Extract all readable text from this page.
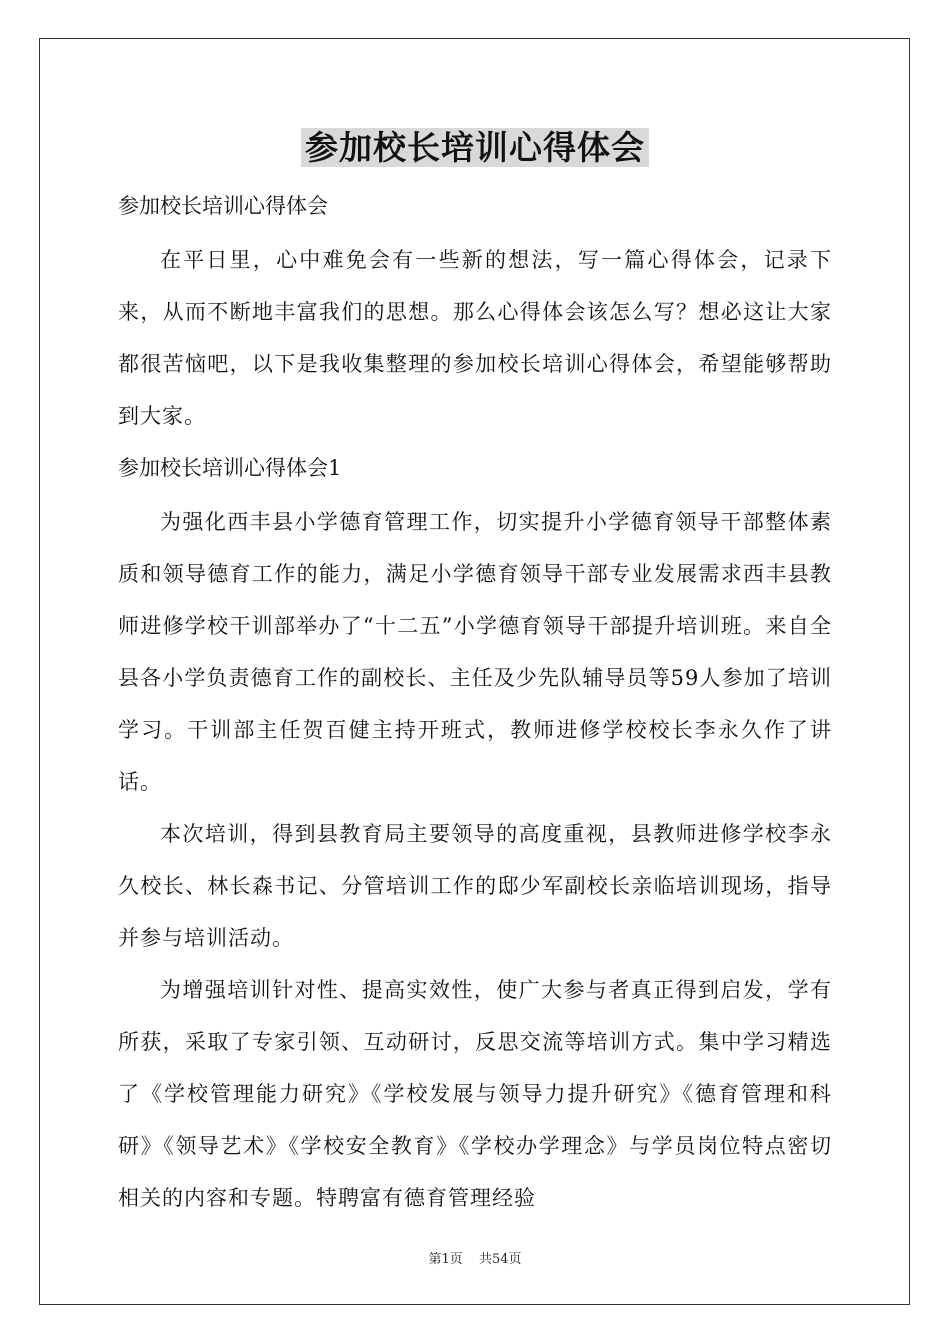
参加校长培训心得体会

参加校长培训心得体会

在平日里，心中难免会有一些新的想法，写一篇心得体会，记录下来，从而不断地丰富我们的思想。那么心得体会该怎么写？想必这让大家都很苦恼吧，以下是我收集整理的参加校长培训心得体会，希望能够帮助到大家。

参加校长培训心得体会1

为强化西丰县小学德育管理工作，切实提升小学德育领导干部整体素质和领导德育工作的能力，满足小学德育领导干部专业发展需求西丰县教师进修学校干训部举办了“十二五”小学德育领导干部提升培训班。来自全县各小学负责德育工作的副校长、主任及少先队辅导员等59人参加了培训学习。干训部主任贺百健主持开班式，教师进修学校校长李永久作了讲话。

本次培训，得到县教育局主要领导的高度重视，县教师进修学校李永久校长、林长森书记、分管培训工作的邸少军副校长亲临培训现场，指导并参与培训活动。

为增强培训针对性、提高实效性，使广大参与者真正得到启发，学有所获，采取了专家引领、互动研讨，反思交流等培训方式。集中学习精选了《学校管理能力研究》《学校发展与领导力提升研究》《德育管理和科研》《领导艺术》《学校安全教育》《学校办学理念》与学员岗位特点密切相关的内容和专题。特聘富有德育管理经验

第1页 共54页
